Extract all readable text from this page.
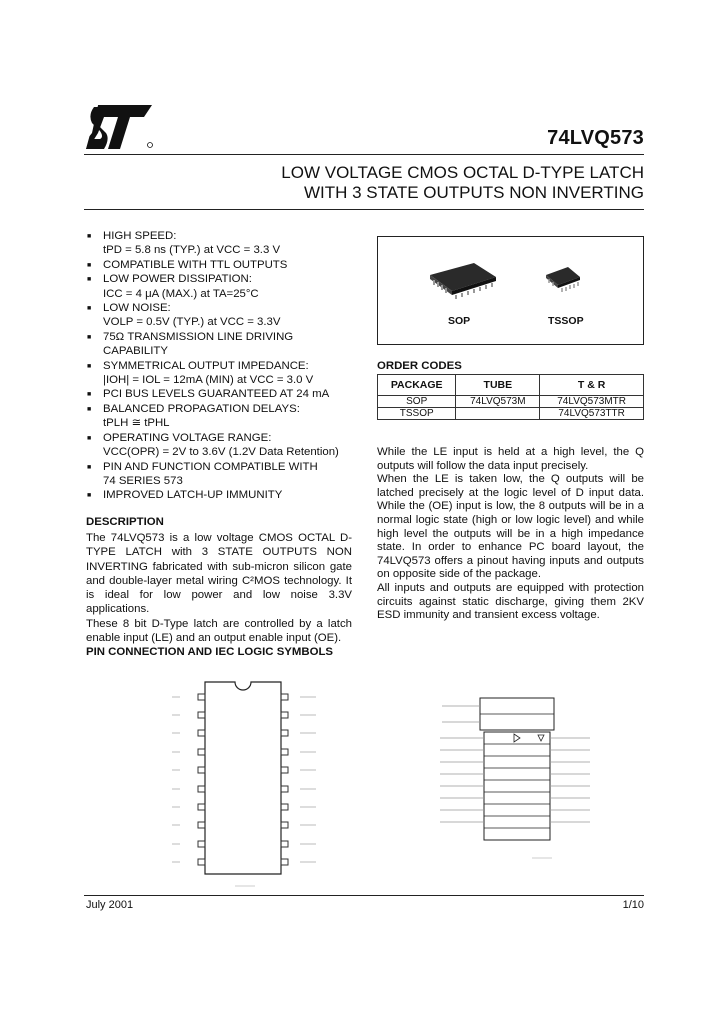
74LVQ573
LOW VOLTAGE CMOS OCTAL D-TYPE LATCH
WITH 3 STATE OUTPUTS NON INVERTING
■ HIGH SPEED:
tPD = 5.8 ns (TYP.) at VCC = 3.3 V
■ COMPATIBLE WITH TTL OUTPUTS
■ LOW POWER DISSIPATION:
ICC = 4 μA (MAX.) at TA=25°C
■ LOW NOISE:
VOLP = 0.5V (TYP.) at VCC = 3.3V
■ 75Ω TRANSMISSION LINE DRIVING
CAPABILITY
■ SYMMETRICAL OUTPUT IMPEDANCE:
|IOH| = IOL = 12mA (MIN) at VCC = 3.0 V
■ PCI BUS LEVELS GUARANTEED AT 24 mA
■ BALANCED PROPAGATION DELAYS:
tPLH ≅ tPHL
■ OPERATING VOLTAGE RANGE:
VCC(OPR) = 2V to 3.6V (1.2V Data Retention)
■ PIN AND FUNCTION COMPATIBLE WITH
74 SERIES 573
■ IMPROVED LATCH-UP IMMUNITY
DESCRIPTION

The 74LVQ573 is a low voltage CMOS OCTAL D-TYPE LATCH with 3 STATE OUTPUTS NON INVERTING fabricated with sub-micron silicon gate and double-layer metal wiring C²MOS technology. It is ideal for low power and low noise 3.3V applications.

These 8 bit D-Type latch are controlled by a latch enable input (LE) and an output enable input (OE).

SOP	TSSOP
ORDER CODES
PACKAGE	TUBE	T & R
SOP	74LVQ573M	74LVQ573MTR
TSSOP		74LVQ573TTR

While the LE input is held at a high level, the Q outputs will follow the data input precisely.

When the LE is taken low, the Q outputs will be latched precisely at the logic level of D input data. While the (OE) input is low, the 8 outputs will be in a normal logic state (high or low logic level) and while high level the outputs will be in a high impedance state. In order to enhance PC board layout, the 74LVQ573 offers a pinout having inputs and outputs on opposite side of the package.

All inputs and outputs are equipped with protection circuits against static discharge, giving them 2KV ESD immunity and transient excess voltage.

PIN CONNECTION AND IEC LOGIC SYMBOLS
July 2001	1/10
